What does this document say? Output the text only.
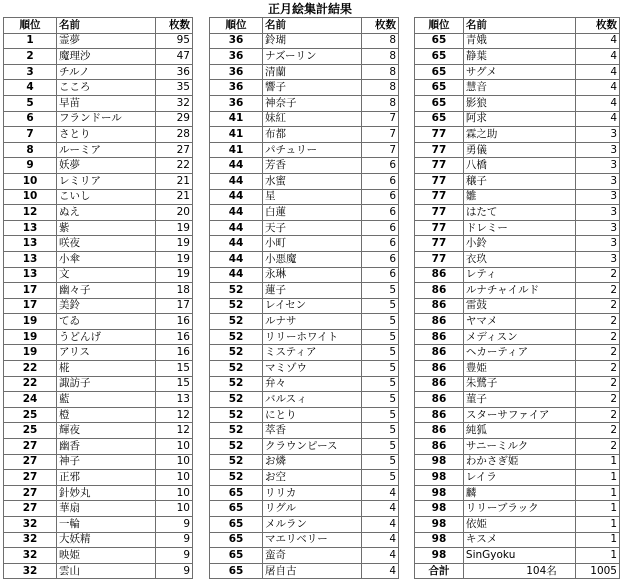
正月絵集計結果
順位	名前	枚数
1	霊夢	95
2	魔理沙	47
3	チルノ	36
4	こころ	35
5	早苗	32
6	フランドール	29
7	さとり	28
8	ルーミア	27
9	妖夢	22
10	レミリア	21
10	こいし	21
12	ぬえ	20
13	紫	19
13	咲夜	19
13	小傘	19
13	文	19
17	幽々子	18
17	美鈴	17
19	てゐ	16
19	うどんげ	16
19	アリス	16
22	椛	15
22	諏訪子	15
24	藍	13
25	橙	12
25	輝夜	12
27	幽香	10
27	神子	10
27	正邪	10
27	針妙丸	10
27	華扇	10
32	一輪	9
32	大妖精	9
32	映姫	9
32	雲山	9
順位	名前	枚数
36	鈴瑚	8
36	ナズーリン	8
36	清蘭	8
36	響子	8
36	神奈子	8
41	妹紅	7
41	布都	7
41	パチュリー	7
44	芳香	6
44	水蜜	6
44	星	6
44	白蓮	6
44	天子	6
44	小町	6
44	小悪魔	6
44	永琳	6
52	蓮子	5
52	レイセン	5
52	ルナサ	5
52	リリーホワイト	5
52	ミスティア	5
52	マミゾウ	5
52	弁々	5
52	バルスィ	5
52	にとり	5
52	萃香	5
52	クラウンピース	5
52	お燐	5
52	お空	5
65	リリカ	4
65	リグル	4
65	メルラン	4
65	マエリベリー	4
65	蛮奇	4
65	屠自古	4
順位	名前	枚数
65	青娥	4
65	静葉	4
65	サグメ	4
65	慧音	4
65	影狼	4
65	阿求	4
77	霖之助	3
77	勇儀	3
77	八橋	3
77	穣子	3
77	雛	3
77	はたて	3
77	ドレミー	3
77	小鈴	3
77	衣玖	3
86	レティ	2
86	ルナチャイルド	2
86	雷鼓	2
86	ヤマメ	2
86	メディスン	2
86	ヘカーティア	2
86	豊姫	2
86	朱鷺子	2
86	菫子	2
86	スターサファイア	2
86	純狐	2
86	サニーミルク	2
98	わかさぎ姫	1
98	レイラ	1
98	麟	1
98	リリーブラック	1
98	依姫	1
98	キスメ	1
98	SinGyoku	1
合計	104名	1005
